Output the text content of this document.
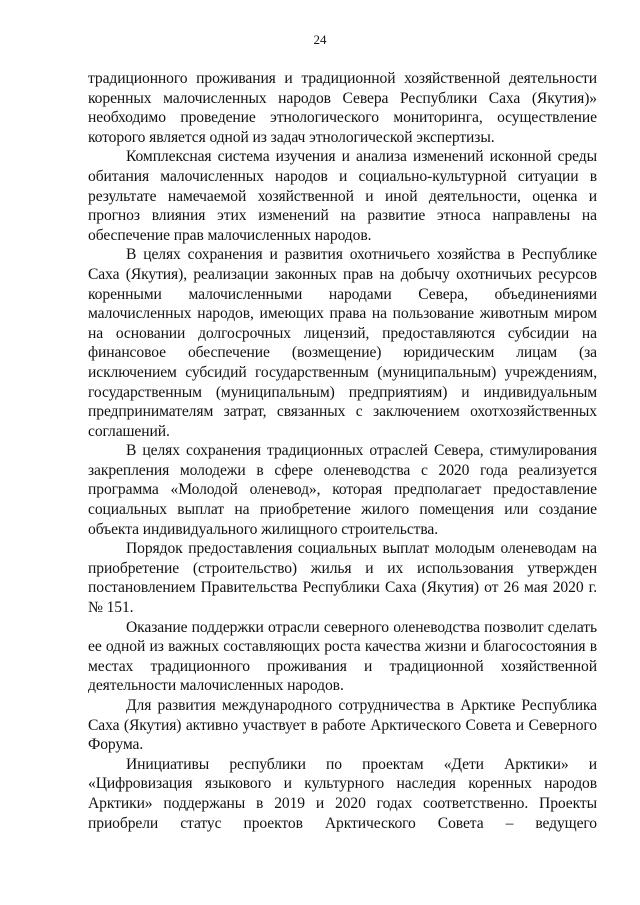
24

традиционного проживания и традиционной хозяйственной деятельности коренных малочисленных народов Севера Республики Саха (Якутия)» необходимо проведение этнологического мониторинга, осуществление которого является одной из задач этнологической экспертизы.

Комплексная система изучения и анализа изменений исконной среды обитания малочисленных народов и социально-культурной ситуации в результате намечаемой хозяйственной и иной деятельности, оценка и прогноз влияния этих изменений на развитие этноса направлены на обеспечение прав малочисленных народов.

В целях сохранения и развития охотничьего хозяйства в Республике Саха (Якутия), реализации законных прав на добычу охотничьих ресурсов коренными малочисленными народами Севера, объединениями малочисленных народов, имеющих права на пользование животным миром на основании долгосрочных лицензий, предоставляются субсидии на финансовое обеспечение (возмещение) юридическим лицам (за исключением субсидий государственным (муниципальным) учреждениям, государственным (муниципальным) предприятиям) и индивидуальным предпринимателям затрат, связанных с заключением охотхозяйственных соглашений.

В целях сохранения традиционных отраслей Севера, стимулирования закрепления молодежи в сфере оленеводства с 2020 года реализуется программа «Молодой оленевод», которая предполагает предоставление социальных выплат на приобретение жилого помещения или создание объекта индивидуального жилищного строительства.

Порядок предоставления социальных выплат молодым оленеводам на приобретение (строительство) жилья и их использования утвержден постановлением Правительства Республики Саха (Якутия) от 26 мая 2020 г. № 151.

Оказание поддержки отрасли северного оленеводства позволит сделать ее одной из важных составляющих роста качества жизни и благосостояния в местах традиционного проживания и традиционной хозяйственной деятельности малочисленных народов.

Для развития международного сотрудничества в Арктике Республика Саха (Якутия) активно участвует в работе Арктического Совета и Северного Форума.

Инициативы республики по проектам «Дети Арктики» и «Цифровизация языкового и культурного наследия коренных народов Арктики» поддержаны в 2019 и 2020 годах соответственно. Проекты приобрели статус проектов Арктического Совета – ведущего
